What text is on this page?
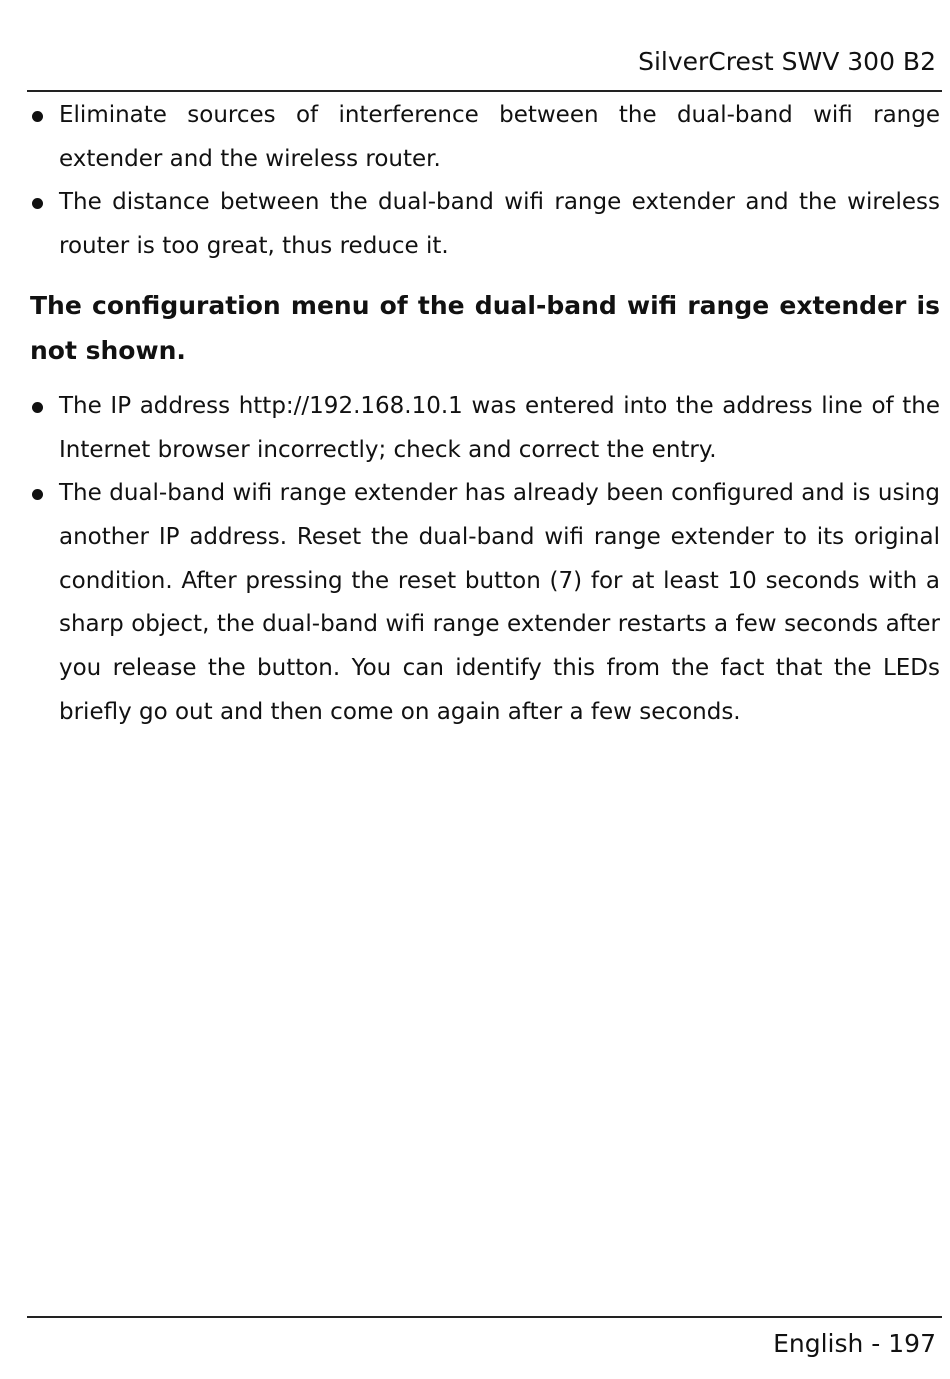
SilverCrest SWV 300 B2
Eliminate sources of interference between the dual-band wifi range extender and the wireless router.
The distance between the dual-band wifi range extender and the wireless router is too great, thus reduce it.
The configuration menu of the dual-band wifi range extender is not shown.
The IP address http://192.168.10.1 was entered into the address line of the Internet browser incorrectly; check and correct the entry.
The dual-band wifi range extender has already been configured and is using another IP address. Reset the dual-band wifi range extender to its original condition. After pressing the reset button (7) for at least 10 seconds with a sharp object, the dual-band wifi range extender restarts a few seconds after you release the button. You can identify this from the fact that the LEDs briefly go out and then come on again after a few seconds.
English - 197
